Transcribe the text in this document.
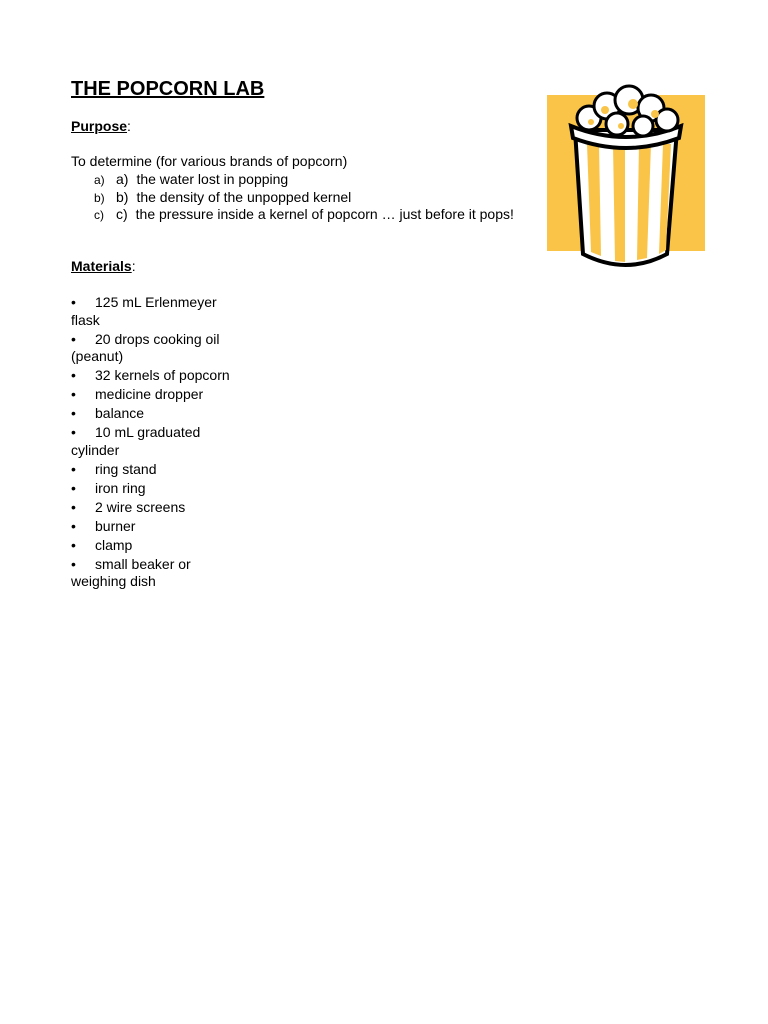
THE POPCORN LAB

Purpose:

To determine (for various brands of popcorn)

a) a) the water lost in popping
b) b) the density of the unpopped kernel
c) c) the pressure inside a kernel of popcorn … just before it pops!

Materials:

• 125 mL Erlenmeyer
flask
• 20 drops cooking oil
(peanut)
• 32 kernels of popcorn
• medicine dropper
• balance
• 10 mL graduated
cylinder
• ring stand
• iron ring
• 2 wire screens
• burner
• clamp
• small beaker or
weighing dish
